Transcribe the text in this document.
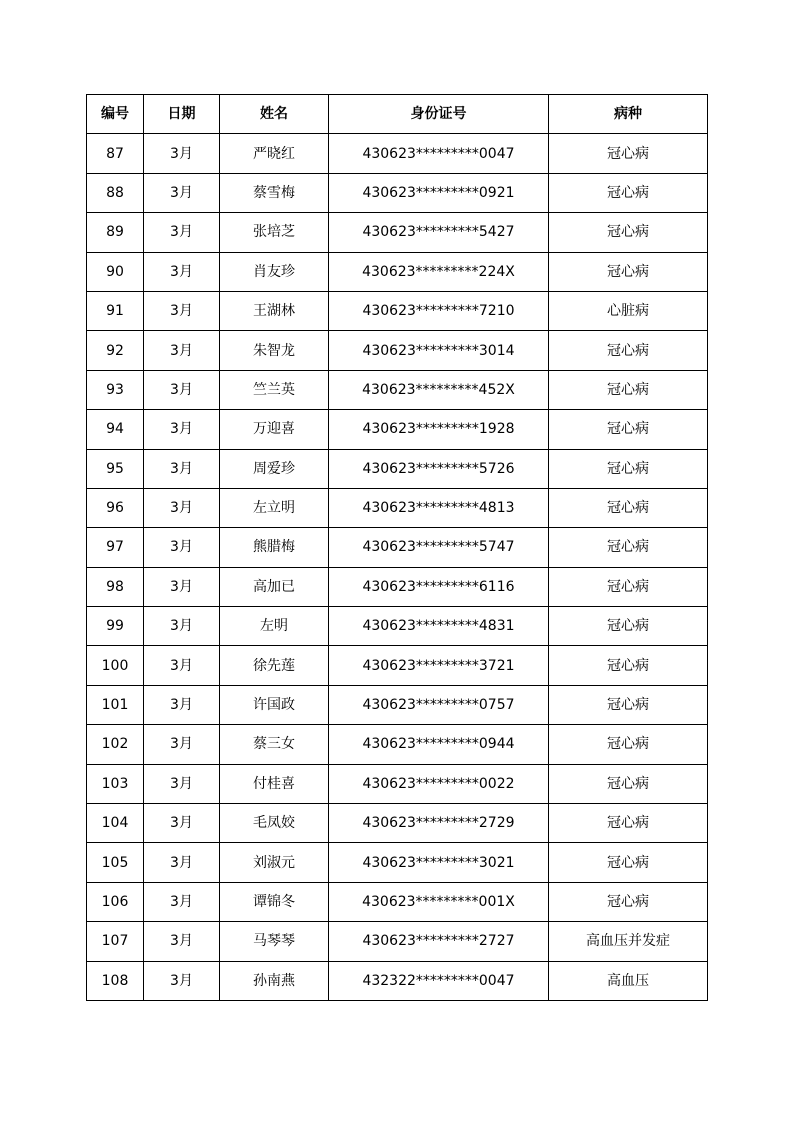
编号	日期	姓名	身份证号	病种
87	3月	严晓红	430623*********0047	冠心病
88	3月	蔡雪梅	430623*********0921	冠心病
89	3月	张培芝	430623*********5427	冠心病
90	3月	肖友珍	430623*********224X	冠心病
91	3月	王湖林	430623*********7210	心脏病
92	3月	朱智龙	430623*********3014	冠心病
93	3月	竺兰英	430623*********452X	冠心病
94	3月	万迎喜	430623*********1928	冠心病
95	3月	周爱珍	430623*********5726	冠心病
96	3月	左立明	430623*********4813	冠心病
97	3月	熊腊梅	430623*********5747	冠心病
98	3月	高加已	430623*********6116	冠心病
99	3月	左明	430623*********4831	冠心病
100	3月	徐先莲	430623*********3721	冠心病
101	3月	许国政	430623*********0757	冠心病
102	3月	蔡三女	430623*********0944	冠心病
103	3月	付桂喜	430623*********0022	冠心病
104	3月	毛凤姣	430623*********2729	冠心病
105	3月	刘淑元	430623*********3021	冠心病
106	3月	谭锦冬	430623*********001X	冠心病
107	3月	马琴琴	430623*********2727	高血压并发症
108	3月	孙南燕	432322*********0047	高血压
